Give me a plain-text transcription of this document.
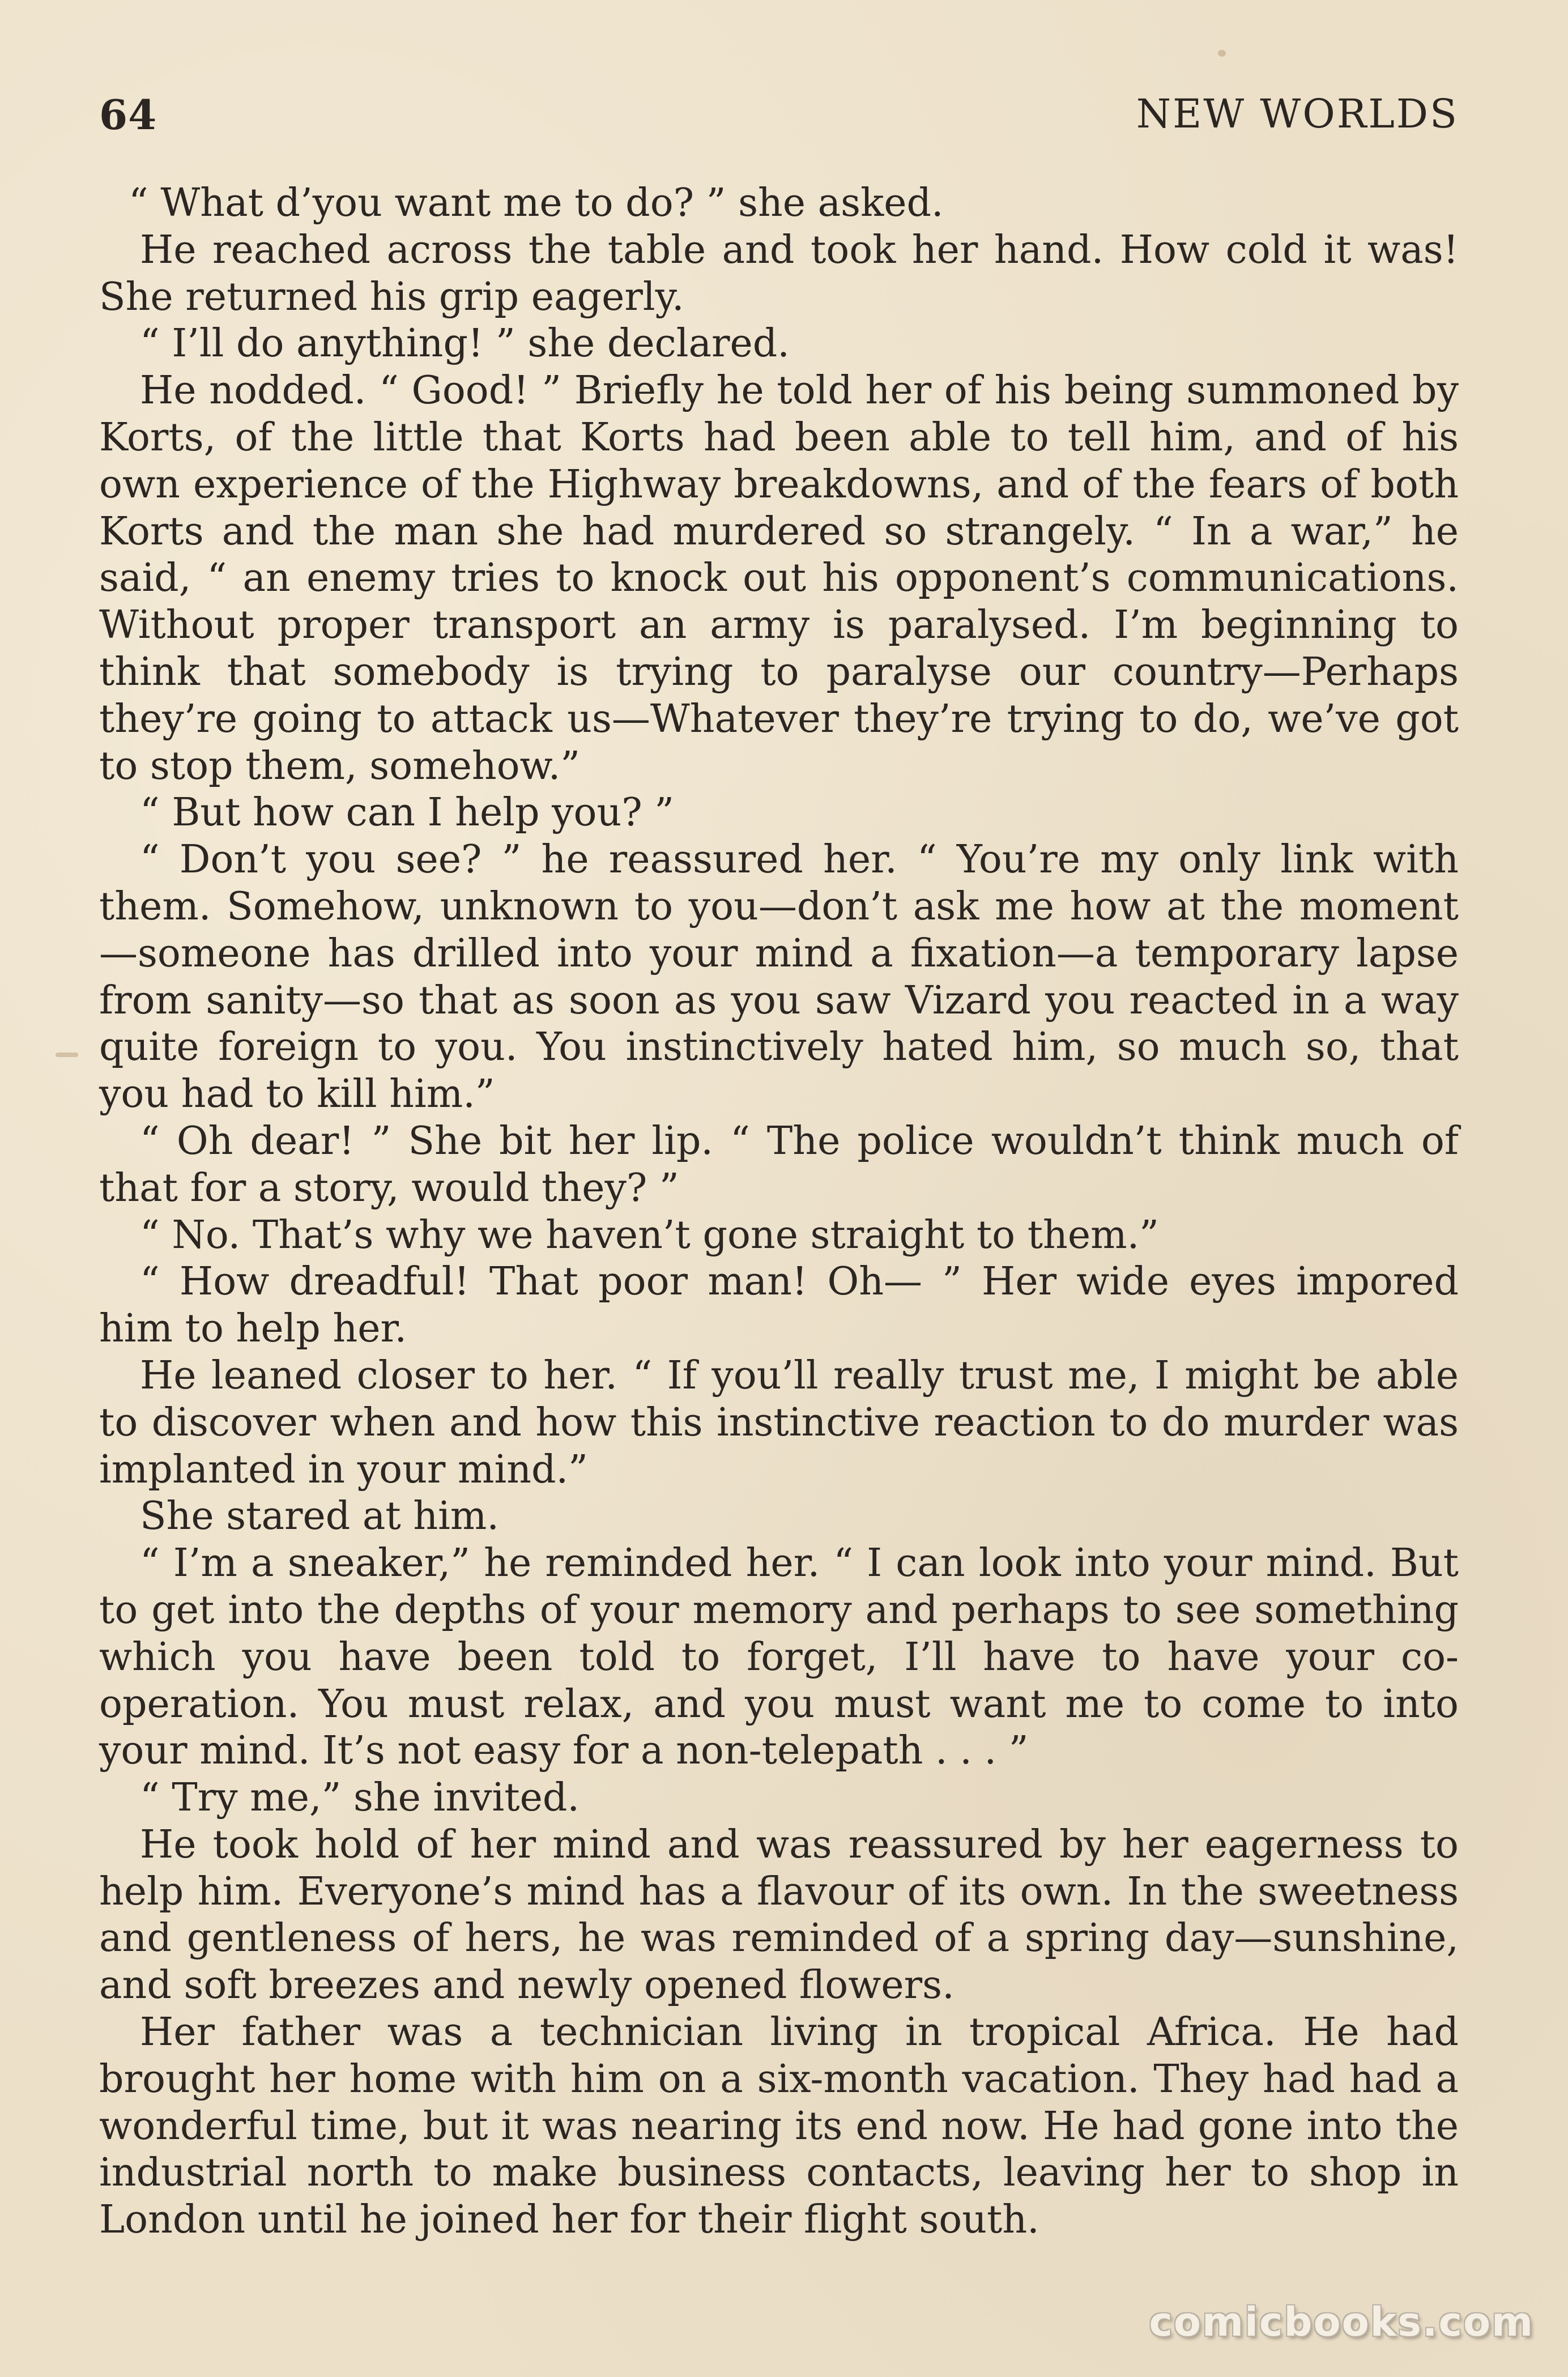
64	NEW WORLDS

“ What d’you want me to do? ” she asked.

He reached across the table and took her hand. How cold it was! She returned his grip eagerly.

“ I’ll do anything! ” she declared.

He nodded. “ Good! ” Briefly he told her of his being summoned by Korts, of the little that Korts had been able to tell him, and of his own experience of the Highway breakdowns, and of the fears of both Korts and the man she had murdered so strangely. “ In a war,” he said, “ an enemy tries to knock out his opponent’s communications. Without proper transport an army is paralysed. I’m beginning to think that somebody is trying to paralyse our country—Perhaps they’re going to attack us—Whatever they’re trying to do, we’ve got to stop them, somehow.”

“ But how can I help you? ”

“ Don’t you see? ” he reassured her. “ You’re my only link with them. Somehow, unknown to you—don’t ask me how at the moment—someone has drilled into your mind a fixation—a temporary lapse from sanity—so that as soon as you saw Vizard you reacted in a way quite foreign to you. You instinctively hated him, so much so, that you had to kill him.”

“ Oh dear! ” She bit her lip. “ The police wouldn’t think much of that for a story, would they? ”

“ No. That’s why we haven’t gone straight to them.”

“ How dreadful! That poor man! Oh— ” Her wide eyes impored him to help her.

He leaned closer to her. “ If you’ll really trust me, I might be able to discover when and how this instinctive reaction to do murder was implanted in your mind.”

She stared at him.

“ I’m a sneaker,” he reminded her. “ I can look into your mind. But to get into the depths of your memory and perhaps to see something which you have been told to forget, I’ll have to have your co-operation. You must relax, and you must want me to come to into your mind. It’s not easy for a non-telepath . . . ”

“ Try me,” she invited.

He took hold of her mind and was reassured by her eagerness to help him. Everyone’s mind has a flavour of its own. In the sweetness and gentleness of hers, he was reminded of a spring day—sunshine, and soft breezes and newly opened flowers.

Her father was a technician living in tropical Africa. He had brought her home with him on a six-month vacation. They had had a wonderful time, but it was nearing its end now. He had gone into the industrial north to make business contacts, leaving her to shop in London until he joined her for their flight south.

comicbooks.com
